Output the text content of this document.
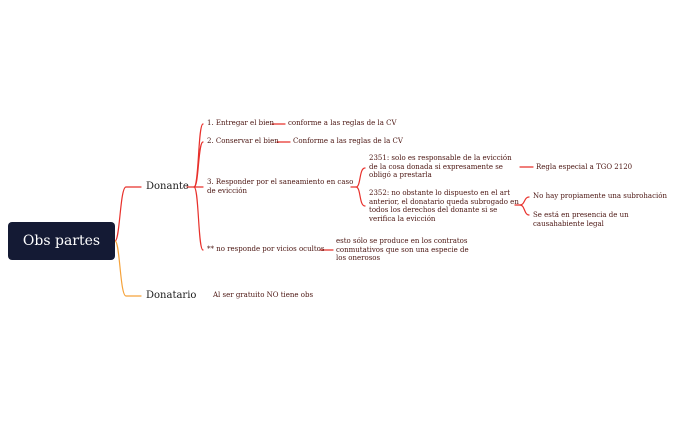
Obs partes
Donante
Donatario
1. Entregar el bien conforme a las reglas de la CV
2. Conservar el bien Conforme a las reglas de la CV
3. Responder por el saneamiento en caso de evicción
2351: solo es responsable de la evicción de la cosa donada si expresamente se obligó a prestarla
Regla especial a TGO 2120
2352: no obstante lo dispuesto en el art anterior, el donatario queda subrogado en todos los derechos del donante si se verifica la evicción
No hay propiamente una subrohación
Se está en presencia de un causahabiente legal
** no responde por vicios ocultos
esto sólo se produce en los contratos conmutativos que son una especie de los onerosos
Al ser gratuito NO tiene obs
